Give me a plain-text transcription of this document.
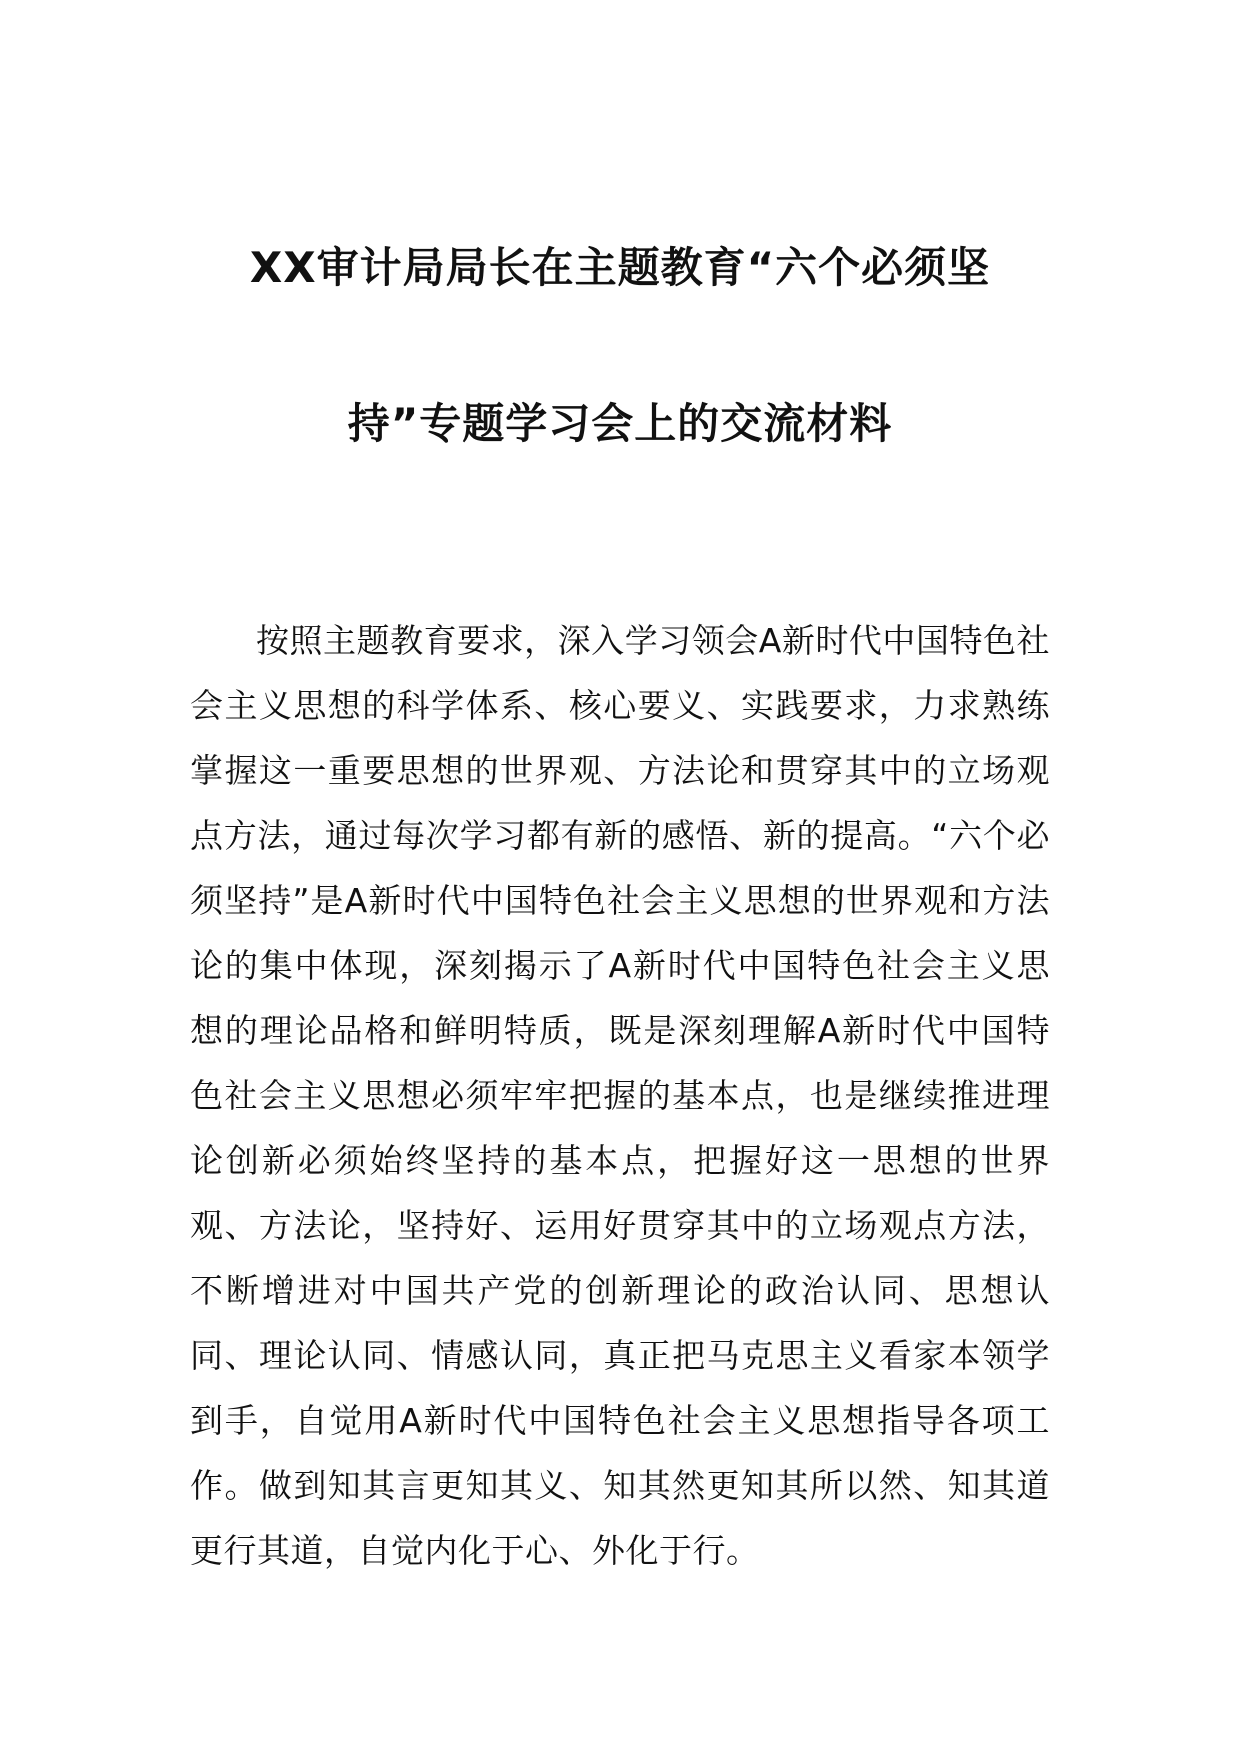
XX审计局局长在主题教育“六个必须坚
持”专题学习会上的交流材料

按照主题教育要求，深入学习领会A新时代中国特色社会主义思想的科学体系、核心要义、实践要求，力求熟练掌握这一重要思想的世界观、方法论和贯穿其中的立场观点方法，通过每次学习都有新的感悟、新的提高。“六个必须坚持”是A新时代中国特色社会主义思想的世界观和方法论的集中体现，深刻揭示了A新时代中国特色社会主义思想的理论品格和鲜明特质，既是深刻理解A新时代中国特色社会主义思想必须牢牢把握的基本点，也是继续推进理论创新必须始终坚持的基本点，把握好这一思想的世界观、方法论，坚持好、运用好贯穿其中的立场观点方法，不断增进对中国共产党的创新理论的政治认同、思想认同、理论认同、情感认同，真正把马克思主义看家本领学到手，自觉用A新时代中国特色社会主义思想指导各项工作。做到知其言更知其义、知其然更知其所以然、知其道更行其道，自觉内化于心、外化于行。
